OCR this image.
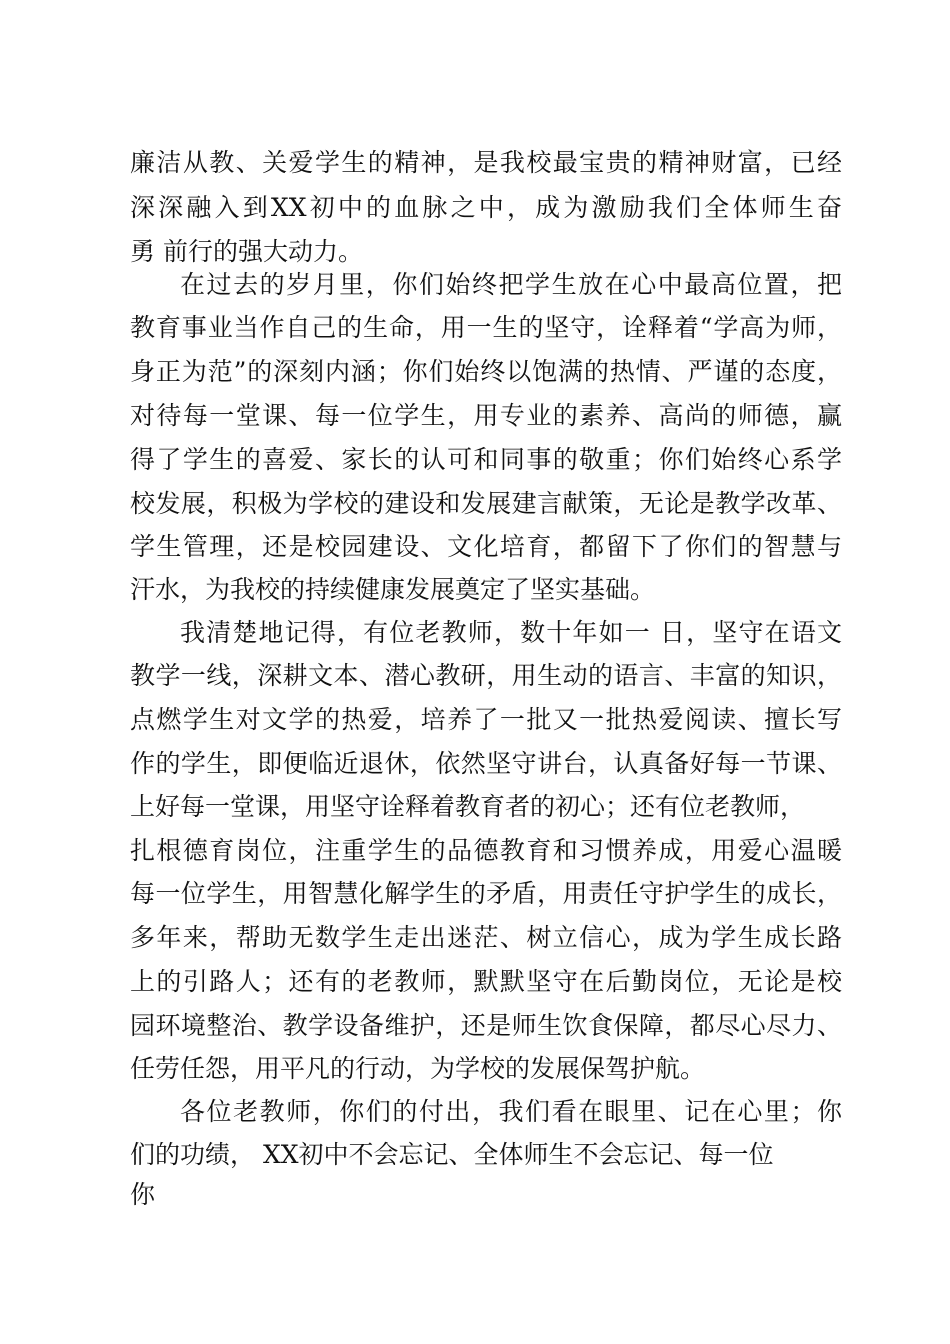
廉洁从教、关爱学生的精神，是我校最宝贵的精神财富，已经
深深融入到XX初中的血脉之中，成为激励我们全体师生奋
勇 前行的强大动力。
在过去的岁月里，你们始终把学生放在心中最高位置，把
教育事业当作自己的生命，用一生的坚守，诠释着“学高为师，
身正为范”的深刻内涵；你们始终以饱满的热情、严谨的态度，
对待每一堂课、每一位学生，用专业的素养、高尚的师德，赢
得了学生的喜爱、家长的认可和同事的敬重；你们始终心系学
校发展，积极为学校的建设和发展建言献策，无论是教学改革、
学生管理，还是校园建设、文化培育，都留下了你们的智慧与
汗水，为我校的持续健康发展奠定了坚实基础。
我清楚地记得，有位老教师，数十年如一 日，坚守在语文
教学一线，深耕文本、潜心教研，用生动的语言、丰富的知识，
点燃学生对文学的热爱，培养了一批又一批热爱阅读、擅长写
作的学生，即便临近退休，依然坚守讲台，认真备好每一节课、
上好每一堂课，用坚守诠释着教育者的初心；还有位老教师，
扎根德育岗位，注重学生的品德教育和习惯养成，用爱心温暖
每一位学生，用智慧化解学生的矛盾，用责任守护学生的成长，
多年来，帮助无数学生走出迷茫、树立信心，成为学生成长路
上的引路人；还有的老教师，默默坚守在后勤岗位，无论是校
园环境整治、教学设备维护，还是师生饮食保障，都尽心尽力、
任劳任怨，用平凡的行动，为学校的发展保驾护航。
各位老教师，你们的付出，我们看在眼里、记在心里；你
们的功绩， XX初中不会忘记、全体师生不会忘记、每一位
你
